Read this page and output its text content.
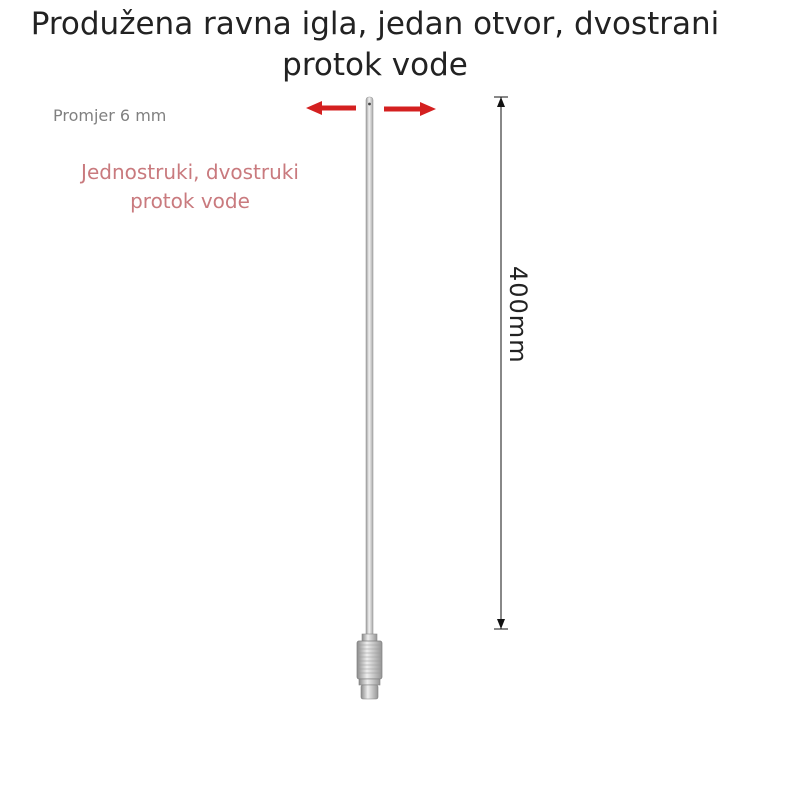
Produžena ravna igla, jedan otvor, dvostrani
protok vode
Promjer 6 mm
Jednostruki, dvostruki
protok vode
400mm
